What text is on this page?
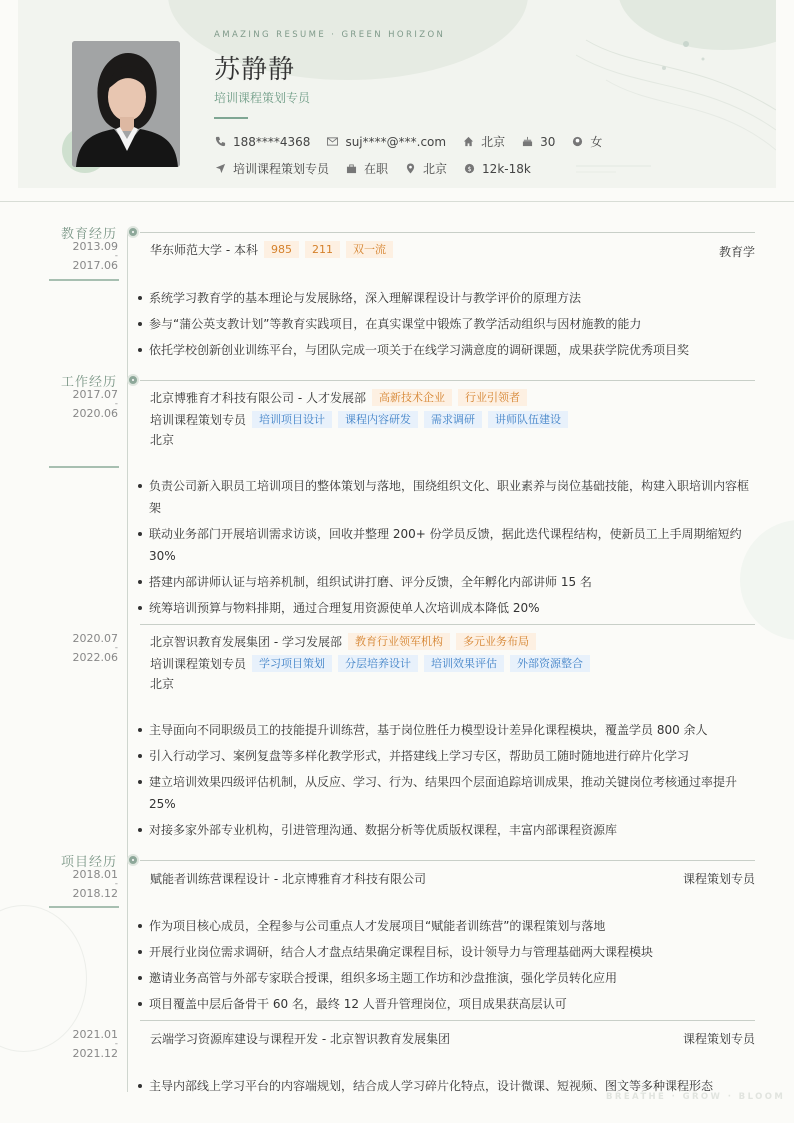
AMAZING RESUME · GREEN HORIZON
苏静静
培训课程策划专员
188****4368	suj****@***.com	北京	30	女
培训课程策划专员	在职	北京	$ 12k-18k
教育经历
2013.09
-
2017.06
华东师范大学 - 本科	985	211	双一流	教育学
系统学习教育学的基本理论与发展脉络，深入理解课程设计与教学评价的原理方法
参与“蒲公英支教计划”等教育实践项目，在真实课堂中锻炼了教学活动组织与因材施教的能力
依托学校创新创业训练平台，与团队完成一项关于在线学习满意度的调研课题，成果获学院优秀项目奖
工作经历
2017.07
-
2020.06
北京博雅育才科技有限公司 - 人才发展部	高新技术企业	行业引领者
培训课程策划专员	培训项目设计	课程内容研发	需求调研	讲师队伍建设
北京
负责公司新入职员工培训项目的整体策划与落地，围绕组织文化、职业素养与岗位基础技能，构建入职培训内容框架
联动业务部门开展培训需求访谈，回收并整理 200+ 份学员反馈，据此迭代课程结构，使新员工上手周期缩短约 30%
搭建内部讲师认证与培养机制，组织试讲打磨、评分反馈，全年孵化内部讲师 15 名
统筹培训预算与物料排期，通过合理复用资源使单人次培训成本降低 20%
2020.07
-
2022.06
北京智识教育发展集团 - 学习发展部	教育行业领军机构	多元业务布局
培训课程策划专员	学习项目策划	分层培养设计	培训效果评估	外部资源整合
北京
主导面向不同职级员工的技能提升训练营，基于岗位胜任力模型设计差异化课程模块，覆盖学员 800 余人
引入行动学习、案例复盘等多样化教学形式，并搭建线上学习专区，帮助员工随时随地进行碎片化学习
建立培训效果四级评估机制，从反应、学习、行为、结果四个层面追踪培训成果，推动关键岗位考核通过率提升 25%
对接多家外部专业机构，引进管理沟通、数据分析等优质版权课程，丰富内部课程资源库
项目经历
2018.01
-
2018.12
赋能者训练营课程设计 - 北京博雅育才科技有限公司	课程策划专员
作为项目核心成员，全程参与公司重点人才发展项目“赋能者训练营”的课程策划与落地
开展行业岗位需求调研，结合人才盘点结果确定课程目标，设计领导力与管理基础两大课程模块
邀请业务高管与外部专家联合授课，组织多场主题工作坊和沙盘推演，强化学员转化应用
项目覆盖中层后备骨干 60 名，最终 12 人晋升管理岗位，项目成果获高层认可
2021.01
-
2021.12
云端学习资源库建设与课程开发 - 北京智识教育发展集团	课程策划专员
主导内部线上学习平台的内容端规划，结合成人学习碎片化特点，设计微课、短视频、图文等多种课程形态
BREATHE · GROW · BLOOM
